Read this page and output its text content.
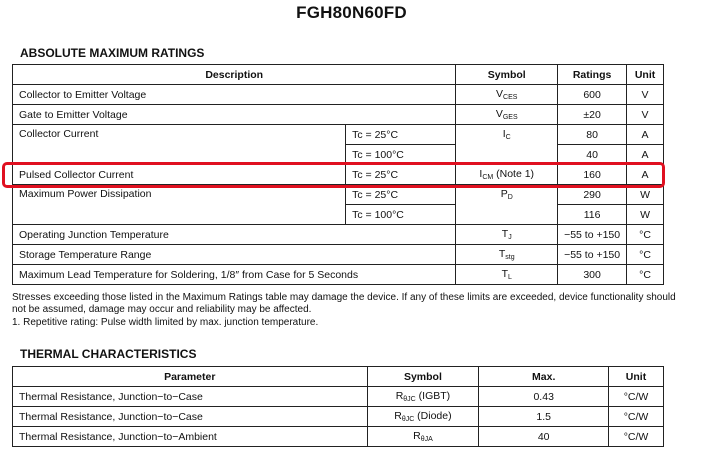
FGH80N60FD
ABSOLUTE MAXIMUM RATINGS
Description		Symbol	Ratings	Unit
Collector to Emitter Voltage		$V_{CES}$	600	V
Gate to Emitter Voltage		$V_{GES}$	±20	V
Collector Current	Tc = 25°C	$I_C$	80	A
	Tc = 100°C		40	A
Pulsed Collector Current	Tc = 25°C	$I_{CM}$ (Note 1)	160	A
Maximum Power Dissipation	Tc = 25°C	$P_D$	290	W
	Tc = 100°C		116	W
Operating Junction Temperature		$T_J$	−55 to +150	°C
Storage Temperature Range		$T_{stg}$	−55 to +150	°C
Maximum Lead Temperature for Soldering, 1/8″ from Case for 5 Seconds		$T_L$	300	°C
Stresses exceeding those listed in the Maximum Ratings table may damage the device. If any of these limits are exceeded, device functionality should not be assumed, damage may occur and reliability may be affected.
1. Repetitive rating: Pulse width limited by max. junction temperature.
THERMAL CHARACTERISTICS
Parameter	Symbol	Max.	Unit
Thermal Resistance, Junction−to−Case	$R_{\theta JC}$ (IGBT)	0.43	°C/W
Thermal Resistance, Junction−to−Case	$R_{\theta JC}$ (Diode)	1.5	°C/W
Thermal Resistance, Junction−to−Ambient	$R_{\theta JA}$	40	°C/W
